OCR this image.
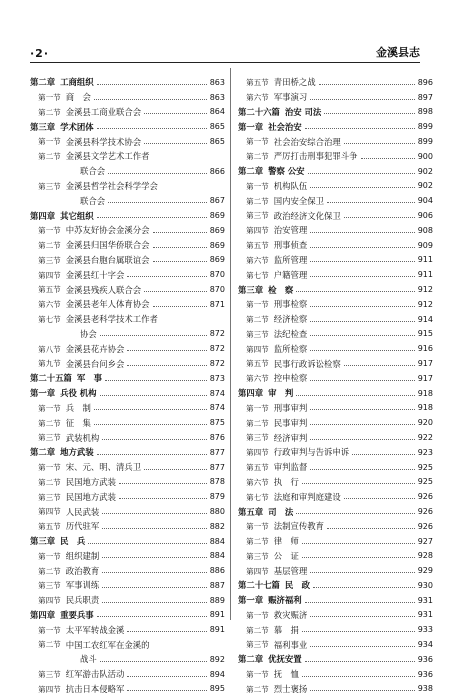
·2·	金溪县志
第二章 工商组织	863
第一节 商　会	863
第二节 金溪县工商业联合会	864
第三章 学术团体	865
第一节 金溪县科学技术协会	865
第二节 金溪县文学艺术工作者
联合会	866
第三节 金溪县哲学社会科学学会
联合会	867
第四章 其它组织	869
第一节 中苏友好协会金溪分会	869
第二节 金溪县归国华侨联合会	869
第三节 金溪县台胞台属联谊会	869
第四节 金溪县红十字会	870
第五节 金溪县残疾人联合会	870
第六节 金溪县老年人体育协会	871
第七节 金溪县老科学技术工作者
协会	872
第八节 金溪县花卉协会	872
第九节 金溪县台问乡会	872
第二十五篇 军　事	873
第一章 兵役 机构	874
第一节 兵　制	874
第二节 征　集	875
第三节 武装机构	876
第二章 地方武装	877
第一节 宋、元、明、清兵卫	877
第二节 民国地方武装	878
第三节 民国地方武装	879
第四节 人民武装	880
第五节 历代驻军	882
第三章 民　兵	884
第一节 组织建制	884
第二节 政治教育	886
第三节 军事训练	887
第四节 民兵职责	889
第四章 重要兵事	891
第一节 太平军转战金溪	891
第二节 中国工农红军在金溪的
战斗	892
第三节 红军游击队活动	894
第四节 抗击日本侵略军	895
第五节 青田桥之战	896
第六节 军事演习	897
第二十六篇 治安 司法	898
第一章 社会治安	899
第一节 社会治安综合治理	899
第二节 严厉打击刑事犯罪斗争	900
第二章 警察 公安	902
第一节 机构队伍	902
第二节 国内安全保卫	904
第三节 政治经济文化保卫	906
第四节 治安管理	908
第五节 刑事侦查	909
第六节 监所管理	911
第七节 户籍管理	911
第三章 检　察	912
第一节 刑事检察	912
第二节 经济检察	914
第三节 法纪检查	915
第四节 监所检察	916
第五节 民事行政诉讼检察	917
第六节 控申检察	917
第四章 审　判	918
第一节 刑事审判	918
第二节 民事审判	920
第三节 经济审判	922
第四节 行政审判与告诉申诉	923
第五节 审判监督	925
第六节 执　行	925
第七节 法庭和审判庭建设	926
第五章 司　法	926
第一节 法制宣传教育	926
第二节 律　师	927
第三节 公　证	928
第四节 基层管理	929
第二十七篇 民　政	930
第一章 赈济福利	931
第一节 救灾赈济	931
第二节 慕　捐	933
第三节 福利事业	934
第二章 优抚安置	936
第一节 抚　恤	936
第二节 烈士褒扬	938
